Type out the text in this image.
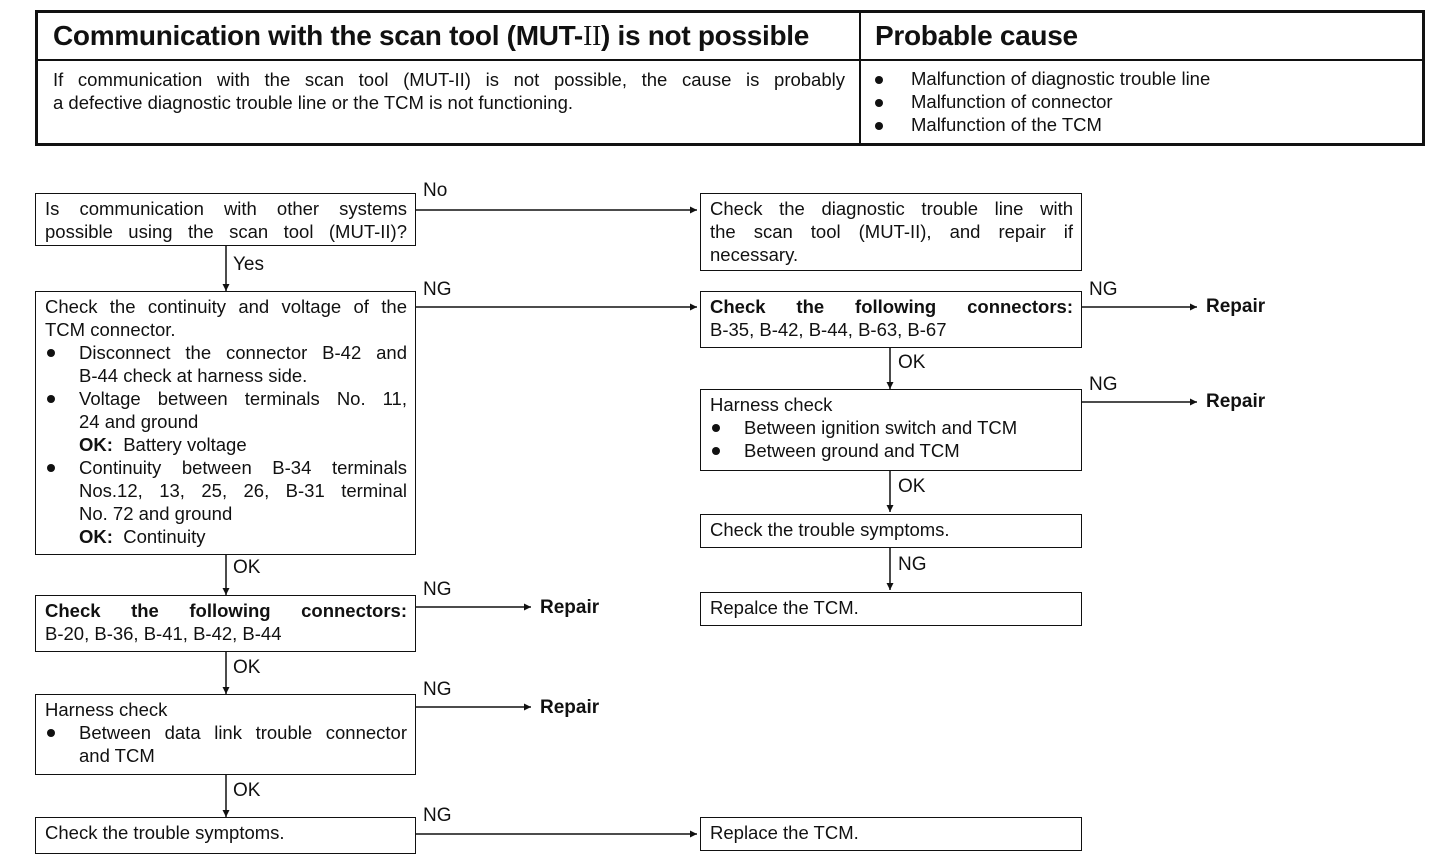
Communication with the scan tool (MUT-II) is not possible Probable cause
If communication with the scan tool (MUT-II) is not possible, the cause is probably
a defective diagnostic trouble line or the TCM is not functioning.
Malfunction of diagnostic trouble line
Malfunction of connector
Malfunction of the TCM
Is communication with other systems
possible using the scan tool (MUT-II)?
Check the continuity and voltage of the
TCM connector.
Disconnect the connector B-42 and
B-44 check at harness side.
Voltage between terminals No. 11,
24 and ground
OK: Battery voltage
Continuity between B-34 terminals
Nos.12, 13, 25, 26, B-31 terminal
No. 72 and ground
OK: Continuity
Check the following connectors:
B-20, B-36, B-41, B-42, B-44
Harness check
Between data link trouble connector
and TCM
Check the trouble symptoms.
Check the diagnostic trouble line with
the scan tool (MUT-II), and repair if
necessary.
Check the following connectors:
B-35, B-42, B-44, B-63, B-67
Harness check
Between ignition switch and TCM
Between ground and TCM
Check the trouble symptoms.
Repalce the TCM.
Replace the TCM.
No
Yes
NG	NG
NG
OK
OK
NG
OK
NG
OK
NG
OK
NG
Repair
Repair
Repair
Repair
